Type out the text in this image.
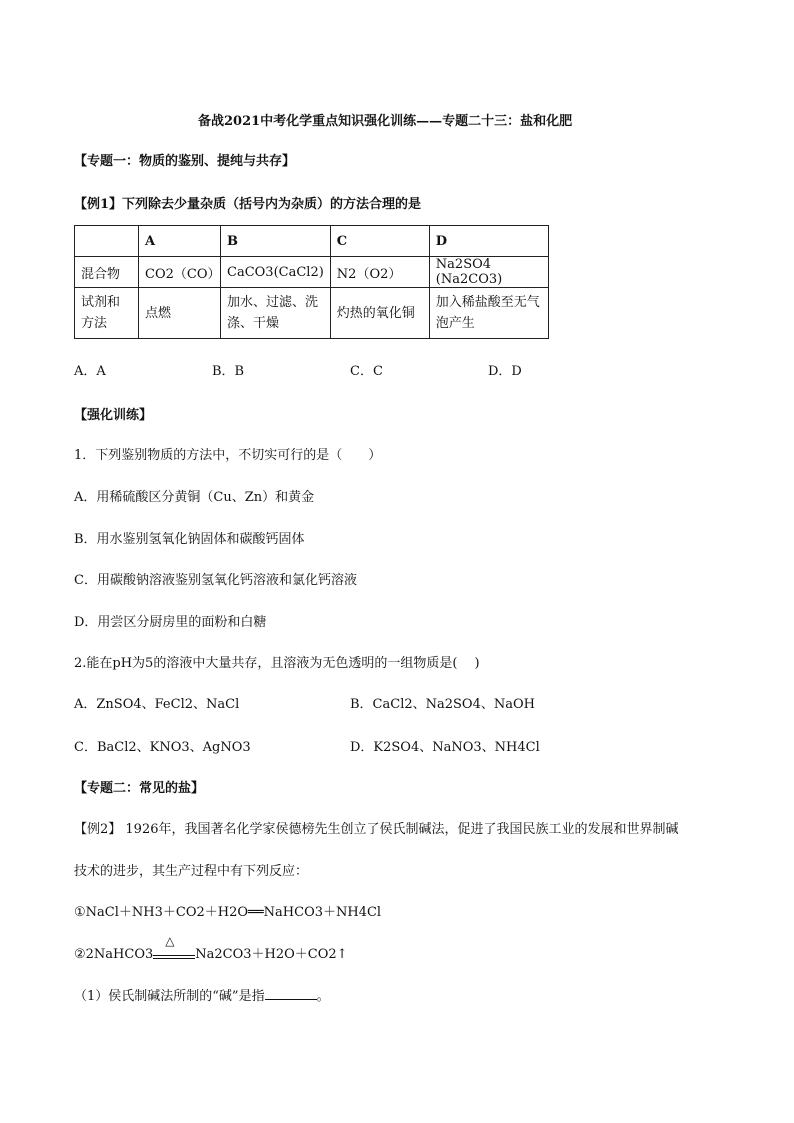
备战2021中考化学重点知识强化训练——专题二十三：盐和化肥
【专题一：物质的鉴别、提纯与共存】
【例1】下列除去少量杂质（括号内为杂质）的方法合理的是
	A	B	C	D
混合物	CO2（CO）	CaCO3(CaCl2)	N2（O2）	Na2SO4 (Na2CO3)
试剂和方法	点燃	加水、过滤、洗涤、干燥	灼热的氧化铜	加入稀盐酸至无气泡产生
A．A	B．B	C．C	D．D
【强化训练】
1．下列鉴别物质的方法中，不切实可行的是（　　）
A．用稀硫酸区分黄铜（Cu、Zn）和黄金
B．用水鉴别氢氧化钠固体和碳酸钙固体
C．用碳酸钠溶液鉴别氢氧化钙溶液和氯化钙溶液
D．用尝区分厨房里的面粉和白糖
2.能在pH为5的溶液中大量共存，且溶液为无色透明的一组物质是(　 )
A．ZnSO4、FeCl2、NaCl	B．CaCl2、Na2SO4、NaOH
C．BaCl2、KNO3、AgNO3	D．K2SO4、NaNO3、NH4Cl
【专题二：常见的盐】
【例2】 1926年，我国著名化学家侯德榜先生创立了侯氏制碱法，促进了我国民族工业的发展和世界制碱
技术的进步，其生产过程中有下列反应：
①NaCl＋NH3＋CO2＋H2O══NaHCO3＋NH4Cl
②2NaHCO3
△
Na2CO3＋H2O＋CO2↑
（1）侯氏制碱法所制的“碱”是指	。
